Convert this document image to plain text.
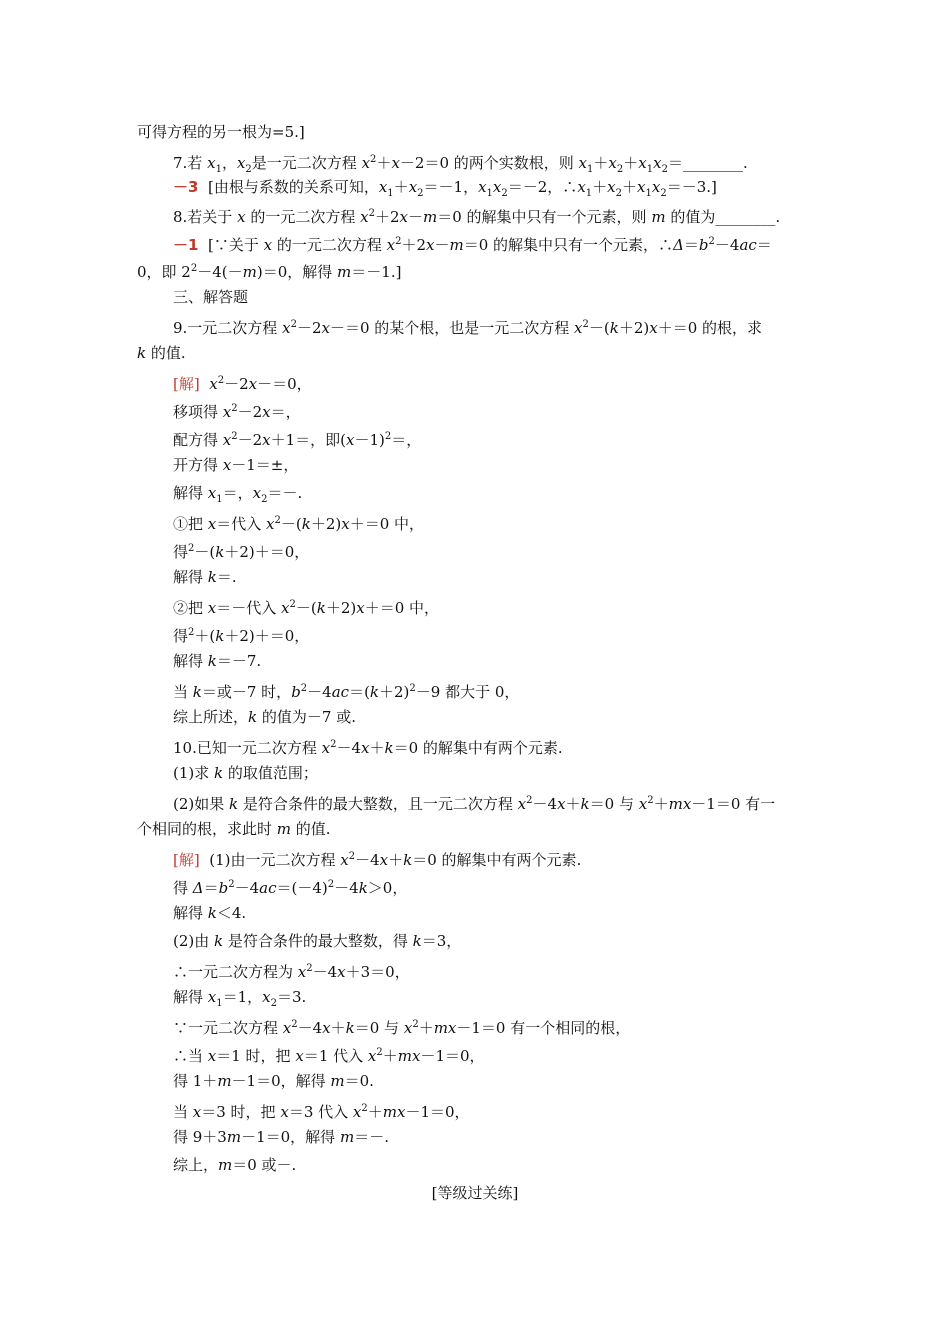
可得方程的另一根为=5.]
7.若 $x_1$，$x_2$是一元二次方程 $x^2+x-2=0$ 的两个实数根，则 $x_1+x_2+x_1x_2=\_\_\_\_\_\_\_\_$.
－3  [由根与系数的关系可知，$x_1+x_2=-1$，$x_1x_2=-2$，$\therefore x_1+x_2+x_1x_2=-3$.]
8.若关于 x 的一元二次方程 $x^2+2x-m=0$ 的解集中只有一个元素，则 m 的值为________.
－1  [∵关于 x 的一元二次方程 $x^2+2x-m=0$ 的解集中只有一个元素，$\therefore\Delta=b^2-4ac=$
0，即 $2^2-4(-m)=0$，解得 m＝－1.]
三、解答题
9.一元二次方程 $x^2-2x-=0$ 的某个根，也是一元二次方程 $x^2-(k+2)x+=0$ 的根，求
k 的值.
[解] $x^2-2x-=0$，
移项得 $x^2-2x=$，
配方得 $x^2-2x+1=$，即$(x-1)^2=$，
开方得 x－1＝±，
解得 $x_1=$，$x_2=-$.
①把 x＝代入 $x^2-(k+2)x+=0$ 中，
得$^2$－(k＋2)＋＝0，
解得 k＝.
②把 x＝－代入 $x^2-(k+2)x+=0$ 中，
得$^2$＋(k＋2)＋＝0，
解得 k＝－7.
当 k＝或－7 时，$b^2-4ac=(k+2)^2-9$ 都大于 0，
综上所述，k 的值为－7 或.
10.已知一元二次方程 $x^2-4x+k=0$ 的解集中有两个元素.
(1)求 k 的取值范围；
(2)如果 k 是符合条件的最大整数，且一元二次方程 $x^2-4x+k=0$ 与 $x^2+mx-1=0$ 有一
个相同的根，求此时 m 的值.
[解]  (1)由一元二次方程 $x^2-4x+k=0$ 的解集中有两个元素.
得 $\Delta=b^2-4ac=(-4)^2-4k>0$，
解得 k＜4.
(2)由 k 是符合条件的最大整数，得 k＝3，
∴一元二次方程为 $x^2-4x+3=0$，
解得 $x_1=1$，$x_2=3$.
∵一元二次方程 $x^2-4x+k=0$ 与 $x^2+mx-1=0$ 有一个相同的根，
∴当 x＝1 时，把 x＝1 代入 $x^2+mx-1=0$，
得 1＋m－1＝0，解得 m＝0.
当 x＝3 时，把 x＝3 代入 $x^2+mx-1=0$，
得 9＋3m－1＝0，解得 m＝－.
综上，m＝0 或－.
[等级过关练]
